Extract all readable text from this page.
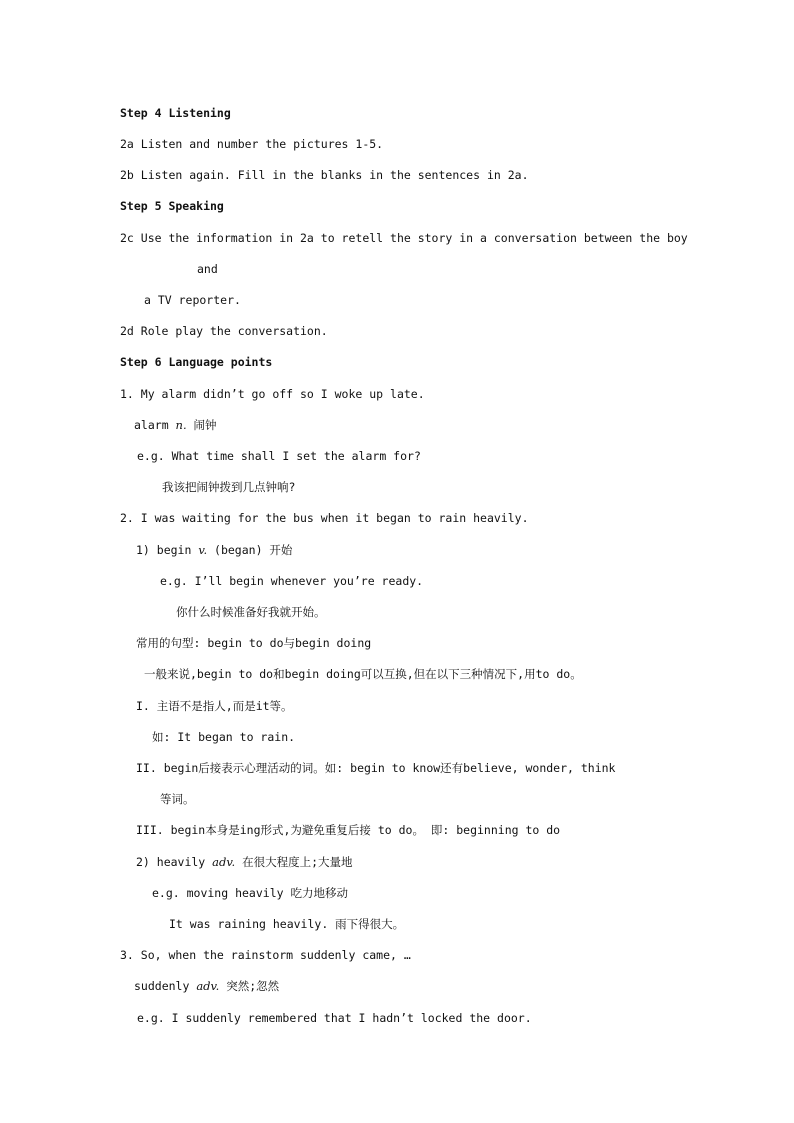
Step 4 Listening
2a Listen and number the pictures 1-5.
2b Listen again. Fill in the blanks in the sentences in 2a.
Step 5 Speaking
2c Use the information in 2a to retell the story in a conversation between the boy
and
a TV reporter.
2d Role play the conversation.
Step 6 Language points
1. My alarm didn’t go off so I woke up late.
alarm n. 闹钟
e.g. What time shall I set the alarm for?
我该把闹钟拨到几点钟响?
2. I was waiting for the bus when it began to rain heavily.
1) begin v. (began) 开始
e.g. I’ll begin whenever you’re ready.
你什么时候准备好我就开始。
常用的句型: begin to do与begin doing
一般来说,begin to do和begin doing可以互换,但在以下三种情况下,用to do。
I. 主语不是指人,而是it等。
如: It began to rain.
II. begin后接表示心理活动的词。如: begin to know还有believe, wonder, think
等词。
III. begin本身是ing形式,为避免重复后接 to do。 即: beginning to do
2) heavily adv. 在很大程度上;大量地
e.g. moving heavily 吃力地移动
It was raining heavily. 雨下得很大。
3. So, when the rainstorm suddenly came, …
suddenly adv. 突然;忽然
e.g. I suddenly remembered that I hadn’t locked the door.
